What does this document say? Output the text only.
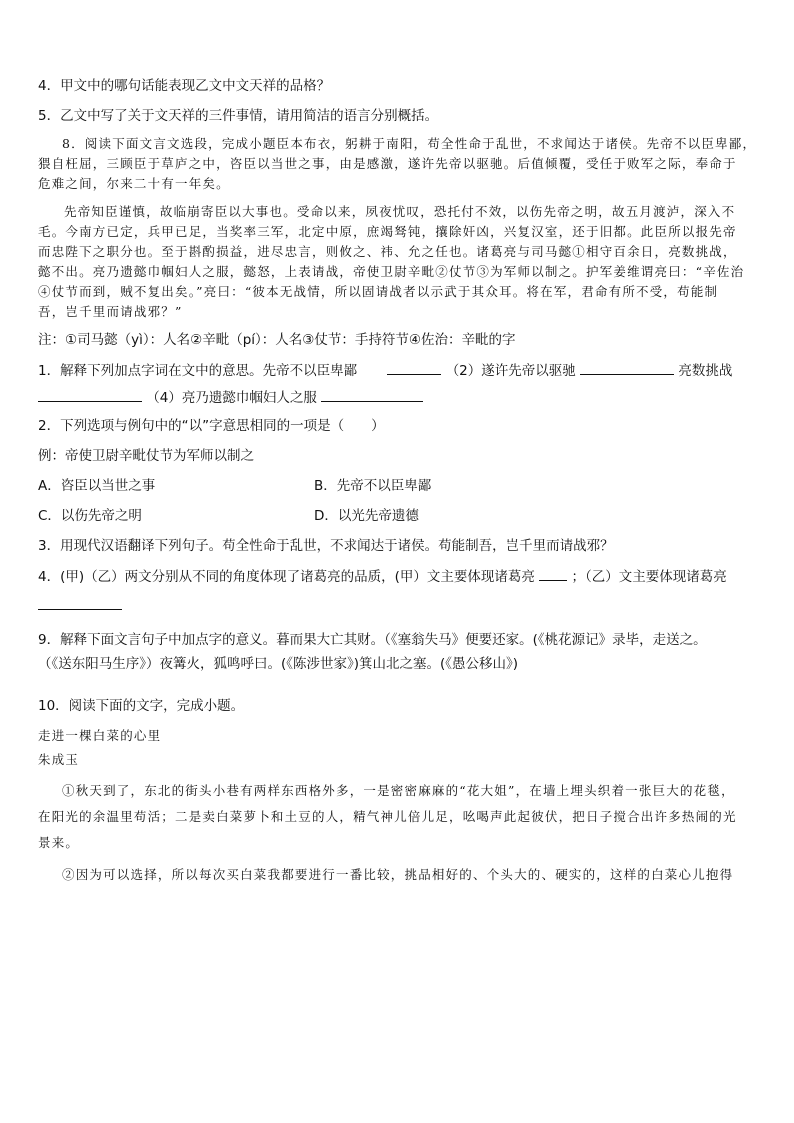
4．甲文中的哪句话能表现乙文中文天祥的品格？

5．乙文中写了关于文天祥的三件事情，请用简洁的语言分别概括。

8．阅读下面文言文选段，完成小题臣本布衣，躬耕于南阳，苟全性命于乱世，不求闻达于诸侯。先帝不以臣卑鄙，

猥自枉屈，三顾臣于草庐之中，咨臣以当世之事，由是感激，遂许先帝以驱驰。后值倾覆，受任于败军之际，奉命于

危难之间，尔来二十有一年矣。

先帝知臣谨慎，故临崩寄臣以大事也。受命以来，夙夜忧叹，恐托付不效，以伤先帝之明，故五月渡泸，深入不

毛。今南方已定，兵甲已足，当奖率三军，北定中原，庶竭驽钝，攘除奸凶，兴复汉室，还于旧都。此臣所以报先帝

而忠陛下之职分也。至于斟酌损益，进尽忠言，则攸之、祎、允之任也。诸葛亮与司马懿①相守百余日，亮数挑战，

懿不出。亮乃遗懿巾帼妇人之服，懿怒，上表请战，帝使卫尉辛毗②仗节③为军师以制之。护军姜维谓亮曰：“辛佐治

④仗节而到，贼不复出矣。”亮曰：“彼本无战情，所以固请战者以示武于其众耳。将在军，君命有所不受，苟能制

吾，岂千里而请战邪？”

注：①司马懿（yì）：人名②辛毗（pí）：人名③仗节：手持符节④佐治：辛毗的字

1．解释下列加点字词在文中的意思。先帝不以臣卑鄙	（2）遂许先帝以驱驰	亮数挑战

（4）亮乃遗懿巾帼妇人之服

2．下列选项与例句中的“以”字意思相同的一项是（　　）

例：帝使卫尉辛毗仗节为军师以制之

A．咨臣以当世之事	B．先帝不以臣卑鄙
C．以伤先帝之明	D．以光先帝遗德

3．用现代汉语翻译下列句子。苟全性命于乱世，不求闻达于诸侯。苟能制吾，岂千里而请战邪？

4．(甲)（乙）两文分别从不同的角度体现了诸葛亮的品质，(甲）文主要体现诸葛亮	；（乙）文主要体现诸葛亮

9．解释下面文言句子中加点字的意义。暮而果大亡其财。（《塞翁失马》便要还家。(《桃花源记》录毕，走送之。

（《送东阳马生序》）夜篝火，狐鸣呼曰。(《陈涉世家》)箕山北之塞。(《愚公移山》)

10．阅读下面的文字，完成小题。

走进一棵白菜的心里

朱成玉

①秋天到了，东北的街头小巷有两样东西格外多，一是密密麻麻的“花大姐”，在墙上埋头织着一张巨大的花毯，

在阳光的余温里苟活；二是卖白菜萝卜和土豆的人，精气神儿倍儿足，吆喝声此起彼伏，把日子搅合出许多热闹的光

景来。

②因为可以选择，所以每次买白菜我都要进行一番比较，挑品相好的、个头大的、硬实的，这样的白菜心儿抱得
